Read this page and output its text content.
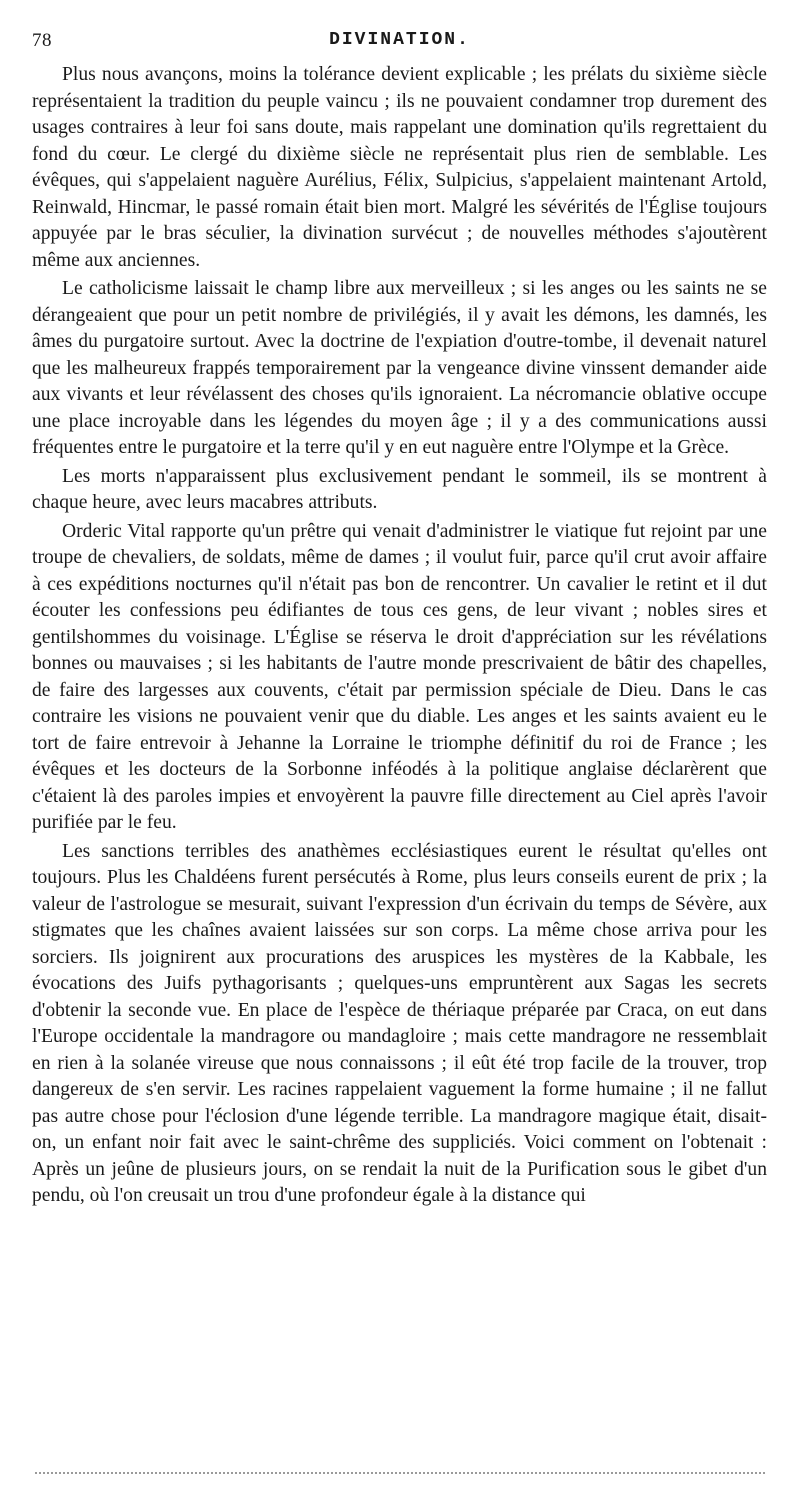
78	DIVINATION.

Plus nous avançons, moins la tolérance devient explicable ; les prélats du sixième siècle représentaient la tradition du peuple vaincu ; ils ne pouvaient condamner trop durement des usages contraires à leur foi sans doute, mais rappelant une domination qu'ils regrettaient du fond du cœur. Le clergé du dixième siècle ne représentait plus rien de semblable. Les évêques, qui s'appelaient naguère Aurélius, Félix, Sulpicius, s'appelaient maintenant Artold, Reinwald, Hincmar, le passé romain était bien mort. Malgré les sévérités de l'Église toujours appuyée par le bras séculier, la divination survécut ; de nouvelles méthodes s'ajoutèrent même aux anciennes.

Le catholicisme laissait le champ libre aux merveilleux ; si les anges ou les saints ne se dérangeaient que pour un petit nombre de privilégiés, il y avait les démons, les damnés, les âmes du purgatoire surtout. Avec la doctrine de l'expiation d'outre-tombe, il devenait naturel que les malheureux frappés temporairement par la vengeance divine vinssent demander aide aux vivants et leur révélassent des choses qu'ils ignoraient. La nécromancie oblative occupe une place incroyable dans les légendes du moyen âge ; il y a des communications aussi fréquentes entre le purgatoire et la terre qu'il y en eut naguère entre l'Olympe et la Grèce.

Les morts n'apparaissent plus exclusivement pendant le sommeil, ils se montrent à chaque heure, avec leurs macabres attributs.

Orderic Vital rapporte qu'un prêtre qui venait d'administrer le viatique fut rejoint par une troupe de chevaliers, de soldats, même de dames ; il voulut fuir, parce qu'il crut avoir affaire à ces expéditions nocturnes qu'il n'était pas bon de rencontrer. Un cavalier le retint et il dut écouter les confessions peu édifiantes de tous ces gens, de leur vivant ; nobles sires et gentilshommes du voisinage. L'Église se réserva le droit d'appréciation sur les révélations bonnes ou mauvaises ; si les habitants de l'autre monde prescrivaient de bâtir des chapelles, de faire des largesses aux couvents, c'était par permission spéciale de Dieu. Dans le cas contraire les visions ne pouvaient venir que du diable. Les anges et les saints avaient eu le tort de faire entrevoir à Jehanne la Lorraine le triomphe définitif du roi de France ; les évêques et les docteurs de la Sorbonne inféodés à la politique anglaise déclarèrent que c'étaient là des paroles impies et envoyèrent la pauvre fille directement au Ciel après l'avoir purifiée par le feu.

Les sanctions terribles des anathèmes ecclésiastiques eurent le résultat qu'elles ont toujours. Plus les Chaldéens furent persécutés à Rome, plus leurs conseils eurent de prix ; la valeur de l'astrologue se mesurait, suivant l'expression d'un écrivain du temps de Sévère, aux stigmates que les chaînes avaient laissées sur son corps. La même chose arriva pour les sorciers. Ils joignirent aux procurations des aruspices les mystères de la Kabbale, les évocations des Juifs pythagorisants ; quelques-uns empruntèrent aux Sagas les secrets d'obtenir la seconde vue. En place de l'espèce de thériaque préparée par Craca, on eut dans l'Europe occidentale la mandragore ou mandagloire ; mais cette mandragore ne ressemblait en rien à la solanée vireuse que nous connaissons ; il eût été trop facile de la trouver, trop dangereux de s'en servir. Les racines rappelaient vaguement la forme humaine ; il ne fallut pas autre chose pour l'éclosion d'une légende terrible. La mandragore magique était, disait-on, un enfant noir fait avec le saint-chrême des suppliciés. Voici comment on l'obtenait : Après un jeûne de plusieurs jours, on se rendait la nuit de la Purification sous le gibet d'un pendu, où l'on creusait un trou d'une profondeur égale à la distance qui
